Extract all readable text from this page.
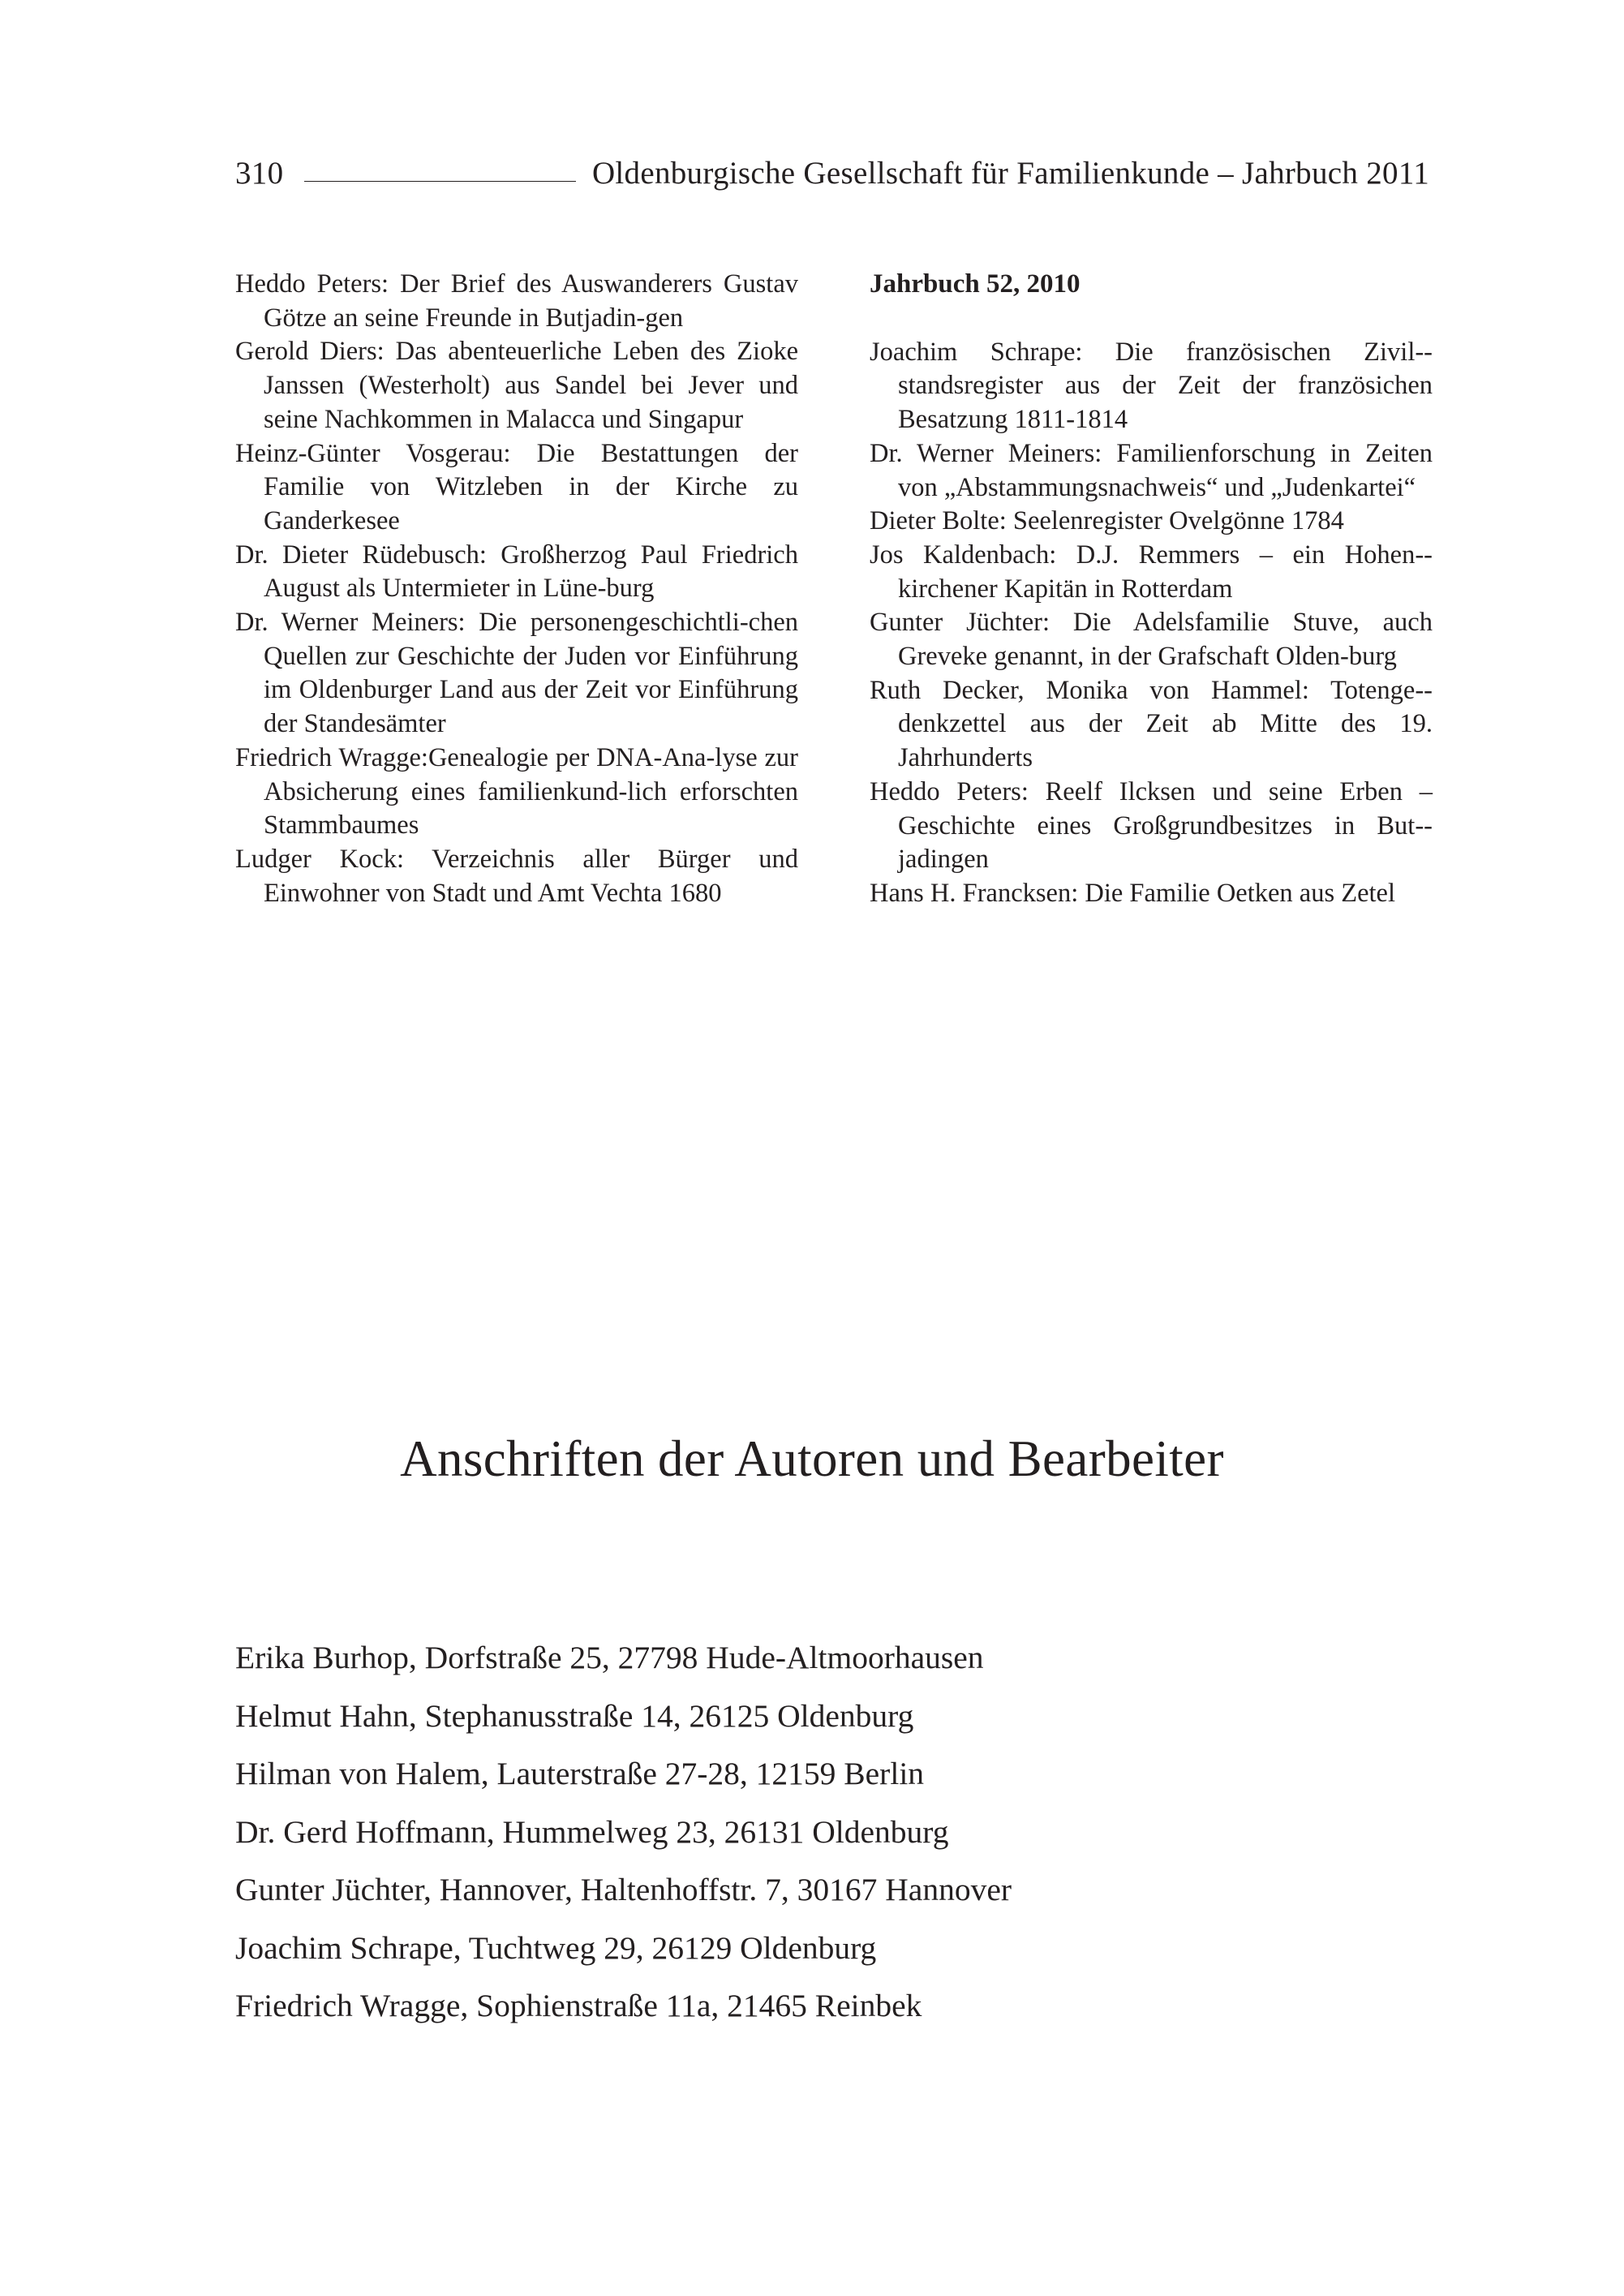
310	Oldenburgische Gesellschaft für Familienkunde – Jahrbuch 2011
Heddo Peters: Der Brief des Auswanderers Gustav Götze an seine Freunde in Butjadin-gen
Gerold Diers: Das abenteuerliche Leben des Zioke Janssen (Westerholt) aus Sandel bei Jever und seine Nachkommen in Malacca und Singapur
Heinz-Günter Vosgerau: Die Bestattungen der Familie von Witzleben in der Kirche zu Ganderkesee
Dr. Dieter Rüdebusch: Großherzog Paul Friedrich August als Untermieter in Lüne-burg
Dr. Werner Meiners: Die personengeschichtli-chen Quellen zur Geschichte der Juden vor Einführung im Oldenburger Land aus der Zeit vor Einführung der Standesämter
Friedrich Wragge:Genealogie per DNA-Ana-lyse zur Absicherung eines familienkund-lich erforschten Stammbaumes
Ludger Kock: Verzeichnis aller Bürger und Einwohner von Stadt und Amt Vechta 1680
Jahrbuch 52, 2010
Joachim Schrape: Die französischen Zivil-standsregister aus der Zeit der französichen Besatzung 1811-1814
Dr. Werner Meiners: Familienforschung in Zeiten von „Abstammungsnachweis“ und „Judenkartei“
Dieter Bolte: Seelenregister Ovelgönne 1784
Jos Kaldenbach: D.J. Remmers – ein Hohen-kirchener Kapitän in Rotterdam
Gunter Jüchter: Die Adelsfamilie Stuve, auch Greveke genannt, in der Grafschaft Olden-burg
Ruth Decker, Monika von Hammel: Totenge-denkzettel aus der Zeit ab Mitte des 19. Jahrhunderts
Heddo Peters: Reelf Ilcksen und seine Erben – Geschichte eines Großgrundbesitzes in But-jadingen
Hans H. Francksen: Die Familie Oetken aus Zetel
Anschriften der Autoren und Bearbeiter
Erika Burhop, Dorfstraße 25, 27798 Hude-Altmoorhausen
Helmut Hahn, Stephanusstraße 14, 26125 Oldenburg
Hilman von Halem, Lauterstraße 27-28, 12159 Berlin
Dr. Gerd Hoffmann, Hummelweg 23, 26131 Oldenburg
Gunter Jüchter, Hannover, Haltenhoffstr. 7, 30167 Hannover
Joachim Schrape, Tuchtweg 29, 26129 Oldenburg
Friedrich Wragge, Sophienstraße 11a, 21465 Reinbek
